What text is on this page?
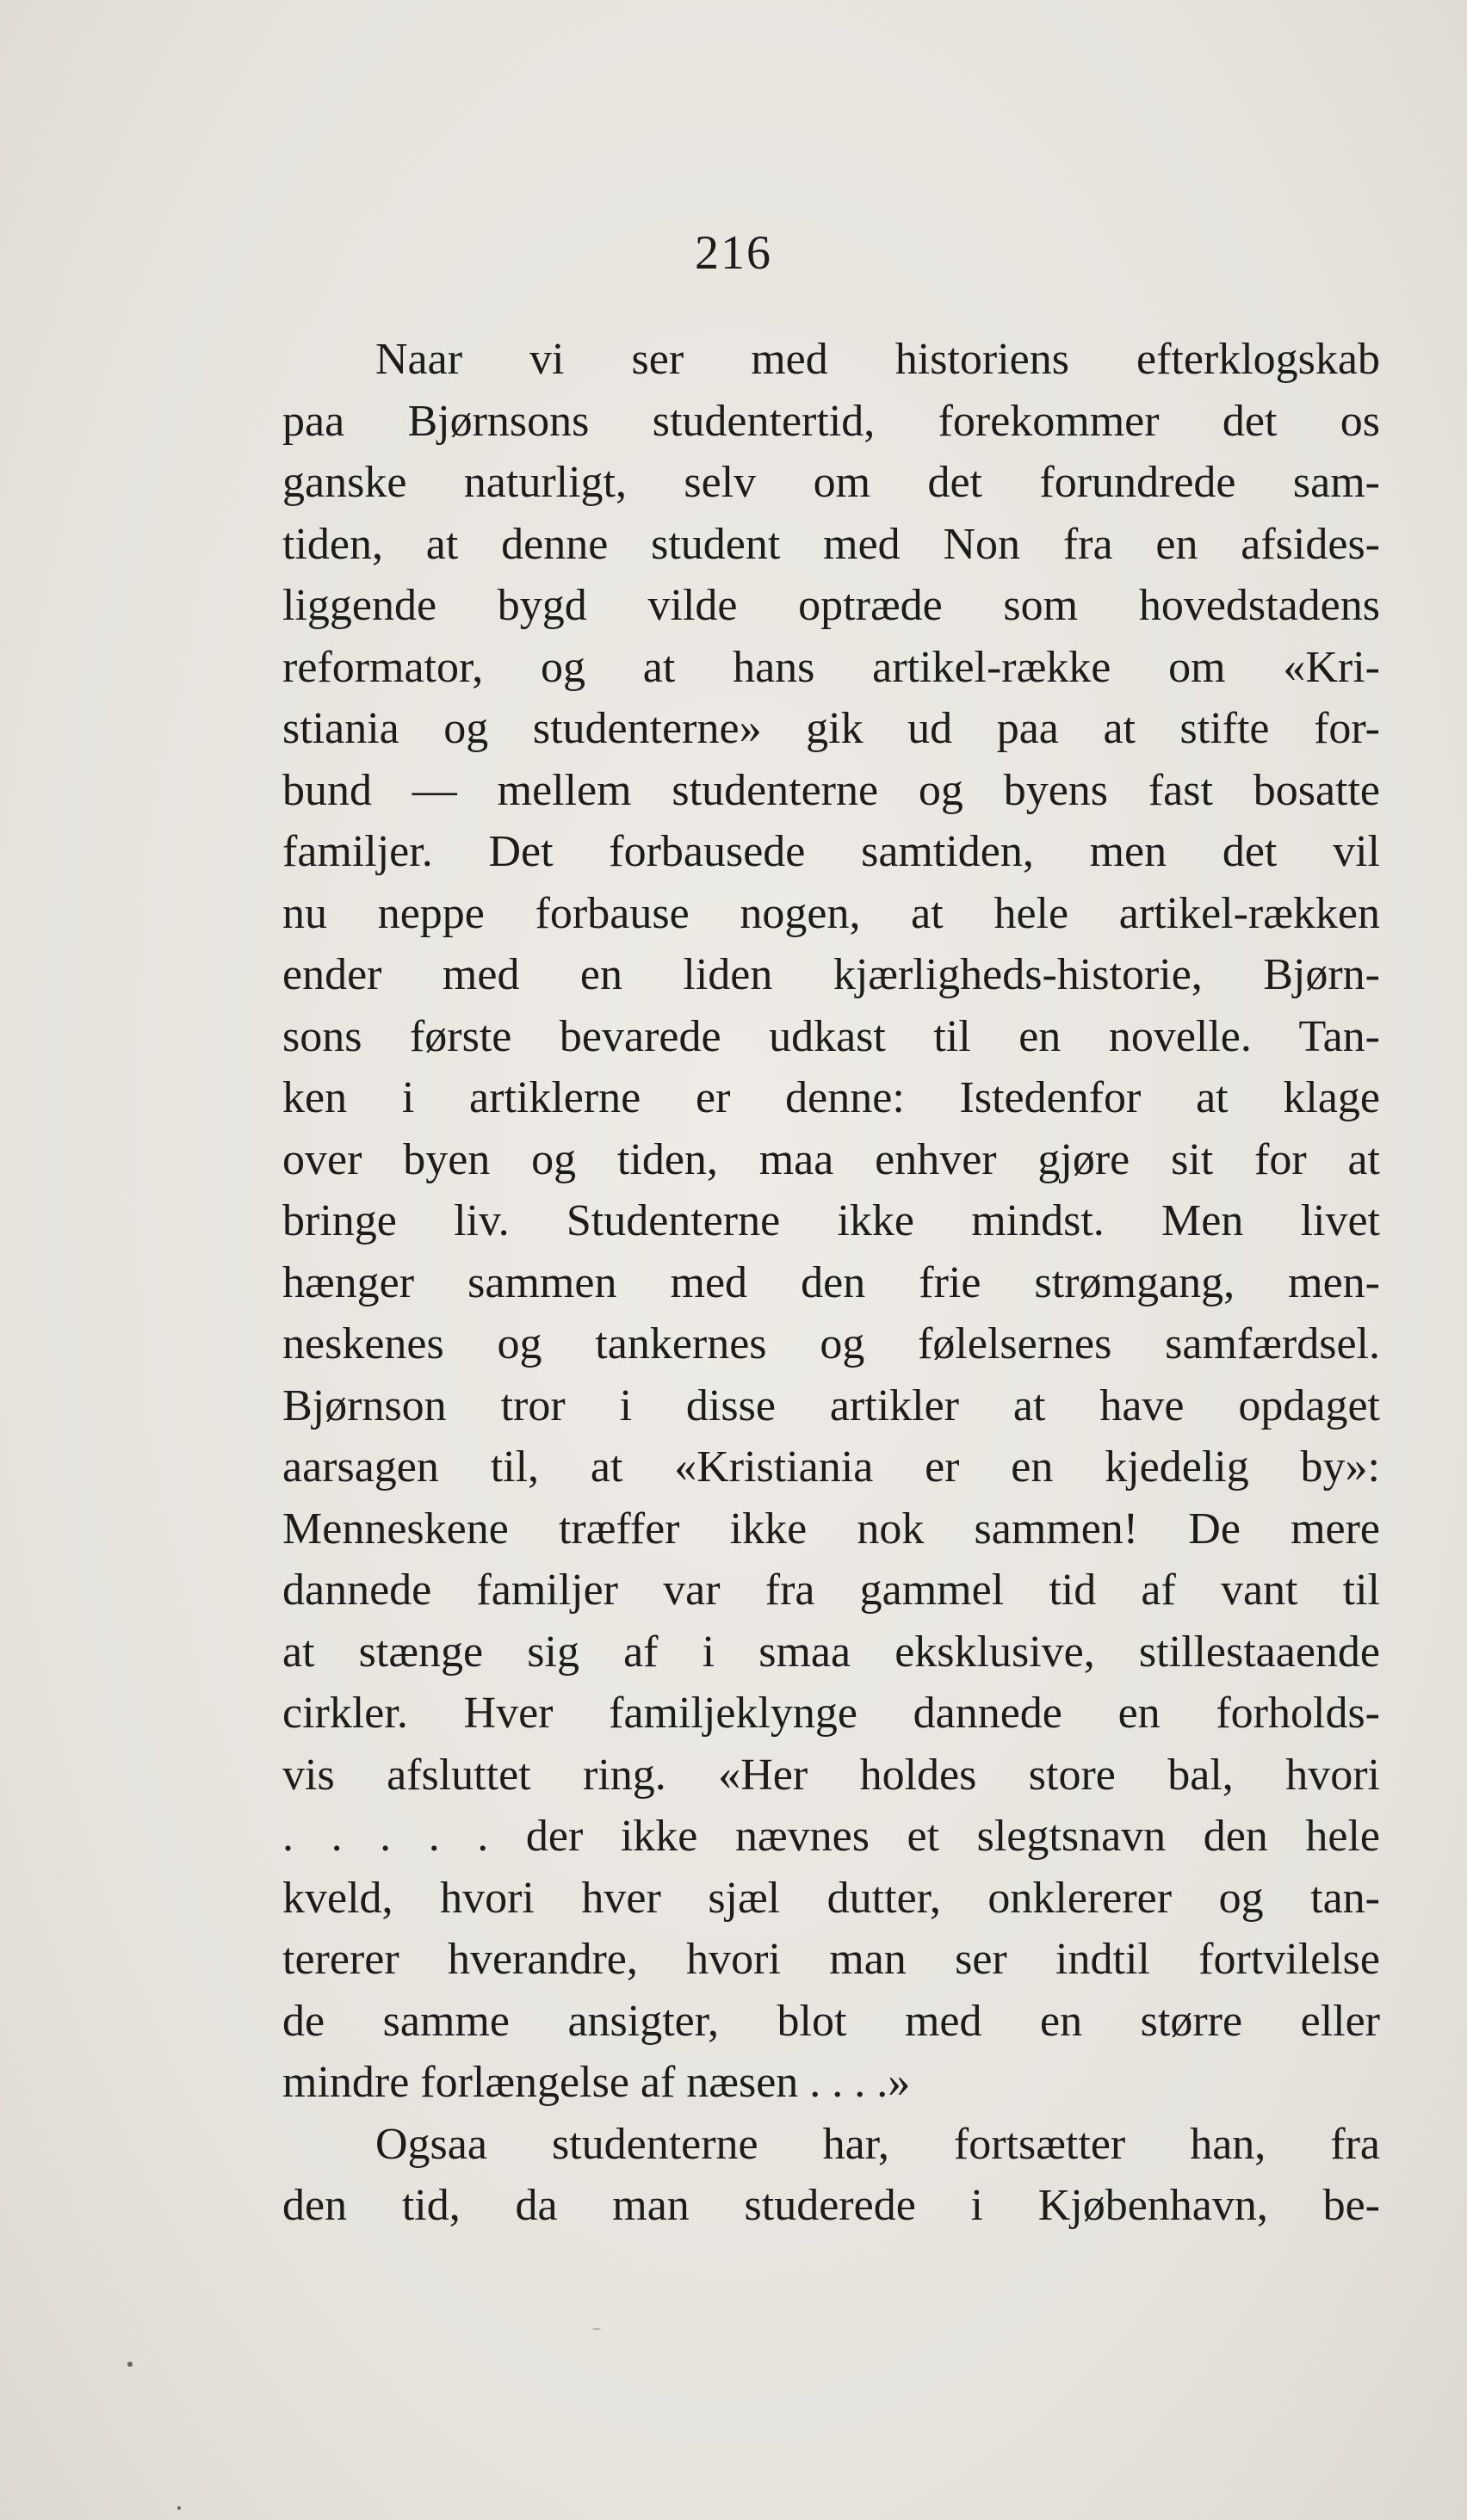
216
Naar vi ser med historiens efterklogskab
paa Bjørnsons studentertid, forekommer det os
ganske naturligt, selv om det forundrede sam-
tiden, at denne student med Non fra en afsides-
liggende bygd vilde optræde som hovedstadens
reformator, og at hans artikel-række om «Kri-
stiania og studenterne» gik ud paa at stifte for-
bund — mellem studenterne og byens fast bosatte
familjer. Det forbausede samtiden, men det vil
nu neppe forbause nogen, at hele artikel-rækken
ender med en liden kjærligheds-historie, Bjørn-
sons første bevarede udkast til en novelle. Tan-
ken i artiklerne er denne: Istedenfor at klage
over byen og tiden, maa enhver gjøre sit for at
bringe liv. Studenterne ikke mindst. Men livet
hænger sammen med den frie strømgang, men-
neskenes og tankernes og følelsernes samfærdsel.
Bjørnson tror i disse artikler at have opdaget
aarsagen til, at «Kristiania er en kjedelig by»:
Menneskene træffer ikke nok sammen! De mere
dannede familjer var fra gammel tid af vant til
at stænge sig af i smaa eksklusive, stillestaaende
cirkler. Hver familjeklynge dannede en forholds-
vis afsluttet ring. «Her holdes store bal, hvori
. . . . . der ikke nævnes et slegtsnavn den hele
kveld, hvori hver sjæl dutter, onklererer og tan-
tererer hverandre, hvori man ser indtil fortvilelse
de samme ansigter, blot med en større eller
mindre forlængelse af næsen . . . .»
Ogsaa studenterne har, fortsætter han, fra
den tid, da man studerede i Kjøbenhavn, be-
